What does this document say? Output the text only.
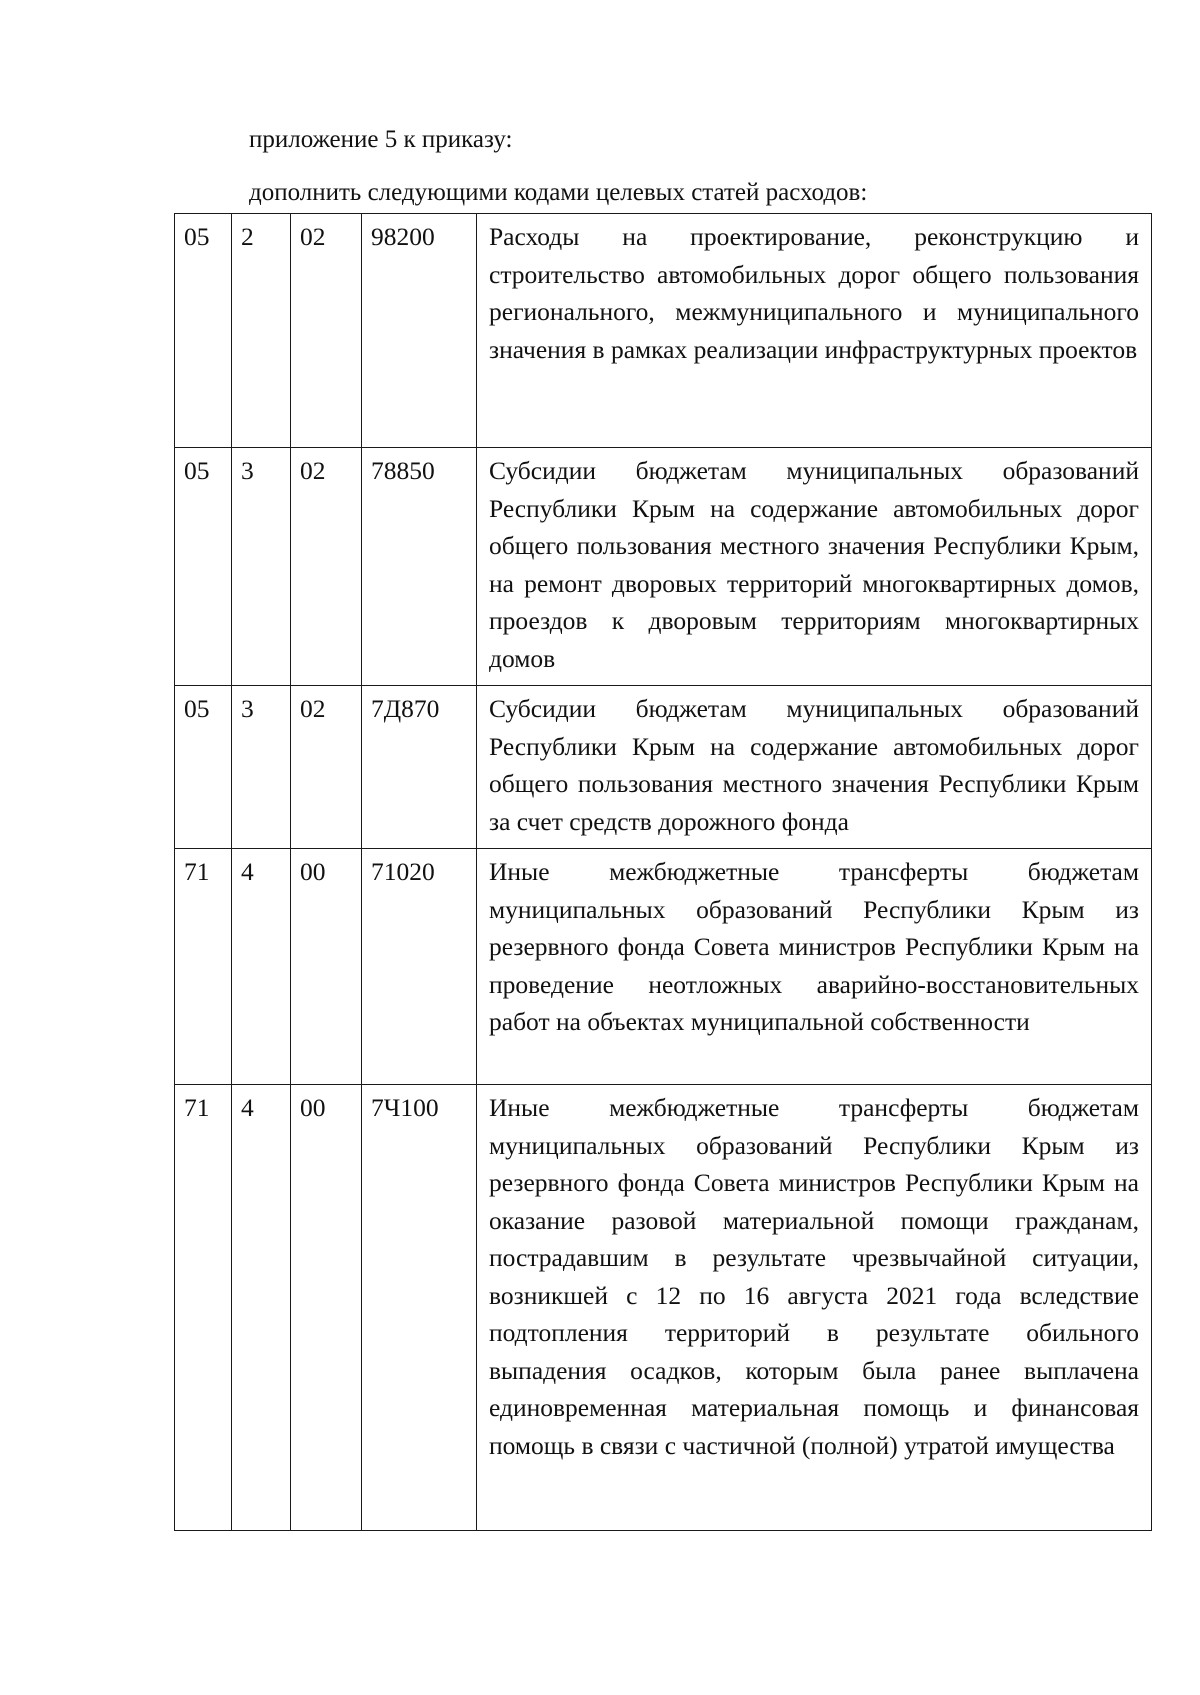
приложение 5 к приказу:
дополнить следующими кодами целевых статей расходов:
05	2	02	98200	Расходы на проектирование, реконструкцию и строительство автомобильных дорог общего пользования регионального, межмуниципального и муниципального значения в рамках реализации инфраструктурных проектов
05	3	02	78850	Субсидии бюджетам муниципальных образований Республики Крым на содержание автомобильных дорог общего пользования местного значения Республики Крым, на ремонт дворовых территорий многоквартирных домов, проездов к дворовым территориям многоквартирных домов
05	3	02	7Д870	Субсидии бюджетам муниципальных образований Республики Крым на содержание автомобильных дорог общего пользования местного значения Республики Крым за счет средств дорожного фонда
71	4	00	71020	Иные межбюджетные трансферты бюджетам муниципальных образований Республики Крым из резервного фонда Совета министров Республики Крым на проведение неотложных аварийно-восстановительных работ на объектах муниципальной собственности
71	4	00	7Ч100	Иные межбюджетные трансферты бюджетам муниципальных образований Республики Крым из резервного фонда Совета министров Республики Крым на оказание разовой материальной помощи гражданам, пострадавшим в результате чрезвычайной ситуации, возникшей с 12 по 16 августа 2021 года вследствие подтопления территорий в результате обильного выпадения осадков, которым была ранее выплачена единовременная материальная помощь и финансовая помощь в связи с частичной (полной) утратой имущества
